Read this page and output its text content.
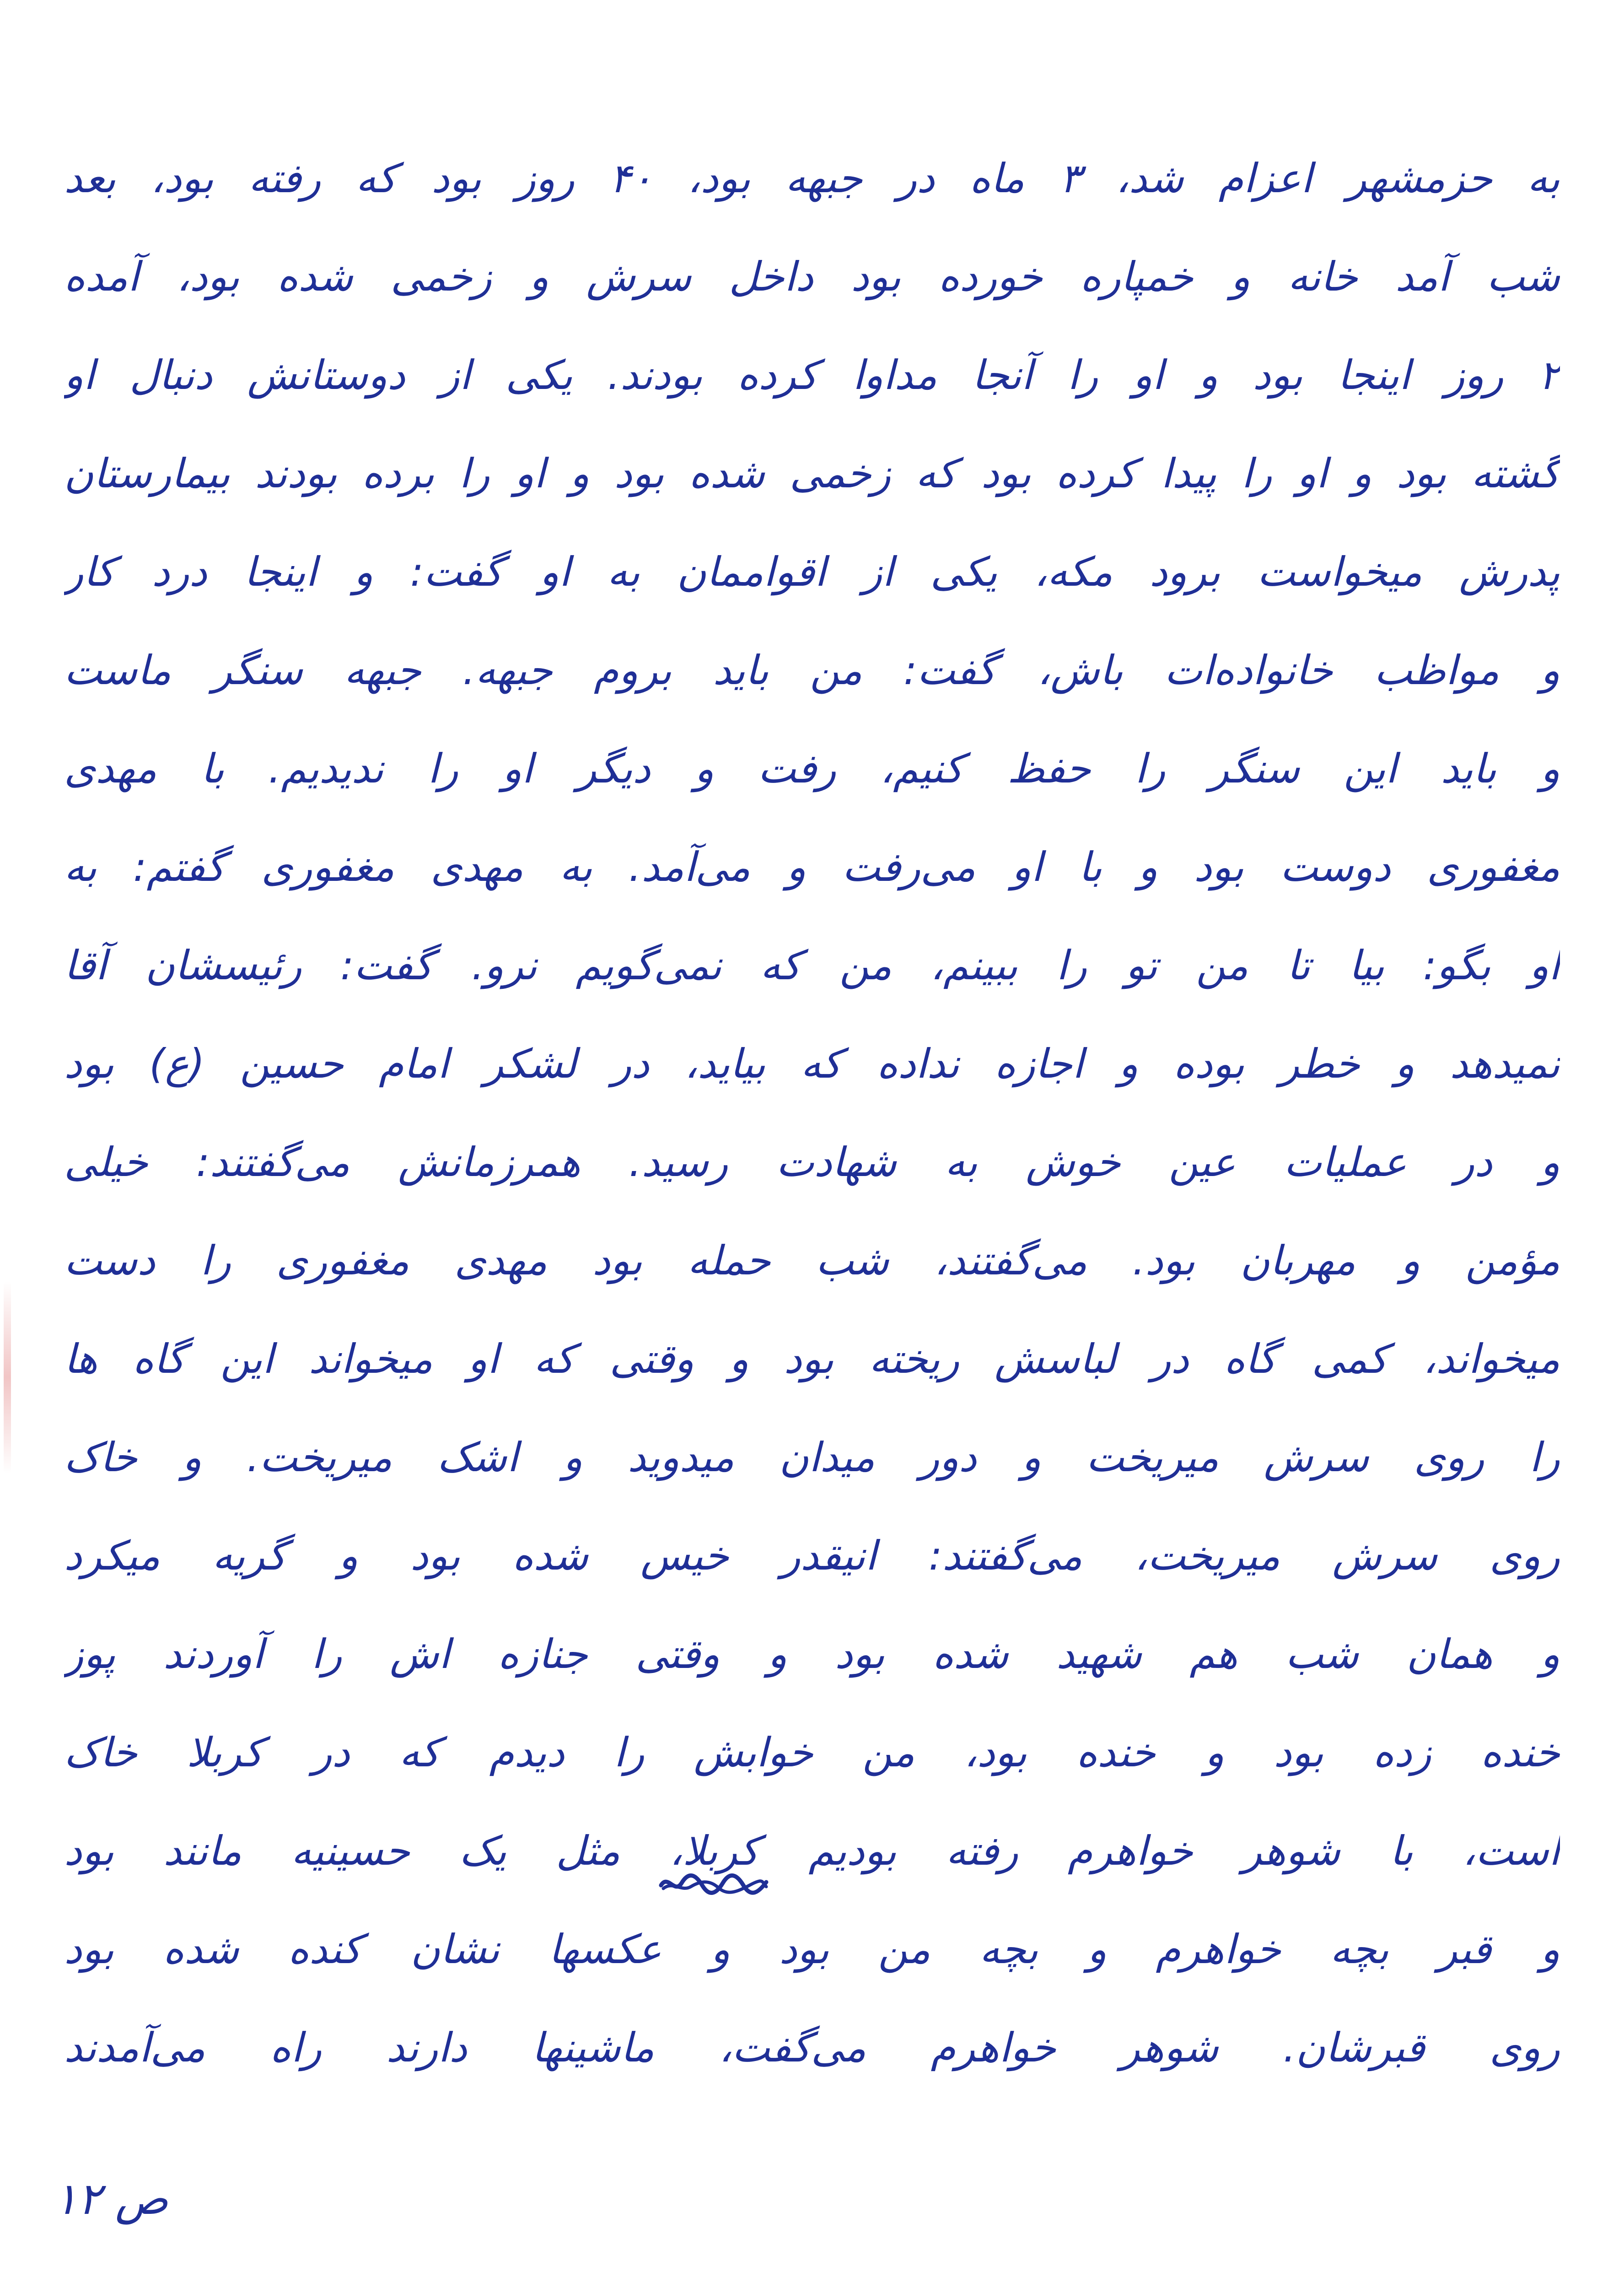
به حزمشهر اعزام شد، ۳ ماه در جبهه بود، ۴۰ روز بود که رفته بود، بعد
شب آمد خانه و خمپاره خورده بود داخل سرش و زخمی شده بود، آمده
۲ روز اینجا بود و او را آنجا مداوا کرده بودند. یکی از دوستانش دنبال او
گشته بود و او را پیدا کرده بود که زخمی شده بود و او را برده بودند بیمارستان
پدرش میخواست برود مکه، یکی از اقواممان به او گفت: و اینجا درد کار
و مواظب خانواده‌ات باش، گفت: من باید بروم جبهه. جبهه سنگر ماست
و باید این سنگر را حفظ کنیم، رفت و دیگر او را ندیدیم. با مهدی
مغفوری دوست بود و با او می‌رفت و می‌آمد. به مهدی مغفوری گفتم: به
او بگو: بیا تا من تو را ببینم، من که نمی‌گویم نرو. گفت: رئیسشان آقا
نمیدهد و خطر بوده و اجازه نداده که بیاید، در لشکر امام حسین (ع) بود
و در عملیات عین خوش به شهادت رسید. همرزمانش می‌گفتند: خیلی
مؤمن و مهربان بود. می‌گفتند، شب حمله بود مهدی مغفوری را دست
میخواند، کمی گاه در لباسش ریخته بود و وقتی که او میخواند این گاه ها
را روی سرش میریخت و دور میدان میدوید و اشک میریخت. و خاک
روی سرش میریخت، می‌گفتند: انیقدر خیس شده بود و گریه میکرد
و همان شب هم شهید شده بود و وقتی جنازه اش را آوردند پوز
خنده زده بود و خنده بود، من خوابش را دیدم که در کربلا خاک
است، با شوهر خواهرم رفته بودیم کربلا، مثل یک حسینیه مانند بود
و قبر بچه خواهرم و بچه من بود و عکسها نشان کنده شده بود
روی قبرشان. شوهر خواهرم می‌گفت، ماشینها دارند راه می‌آمدند
ص ۱۲
